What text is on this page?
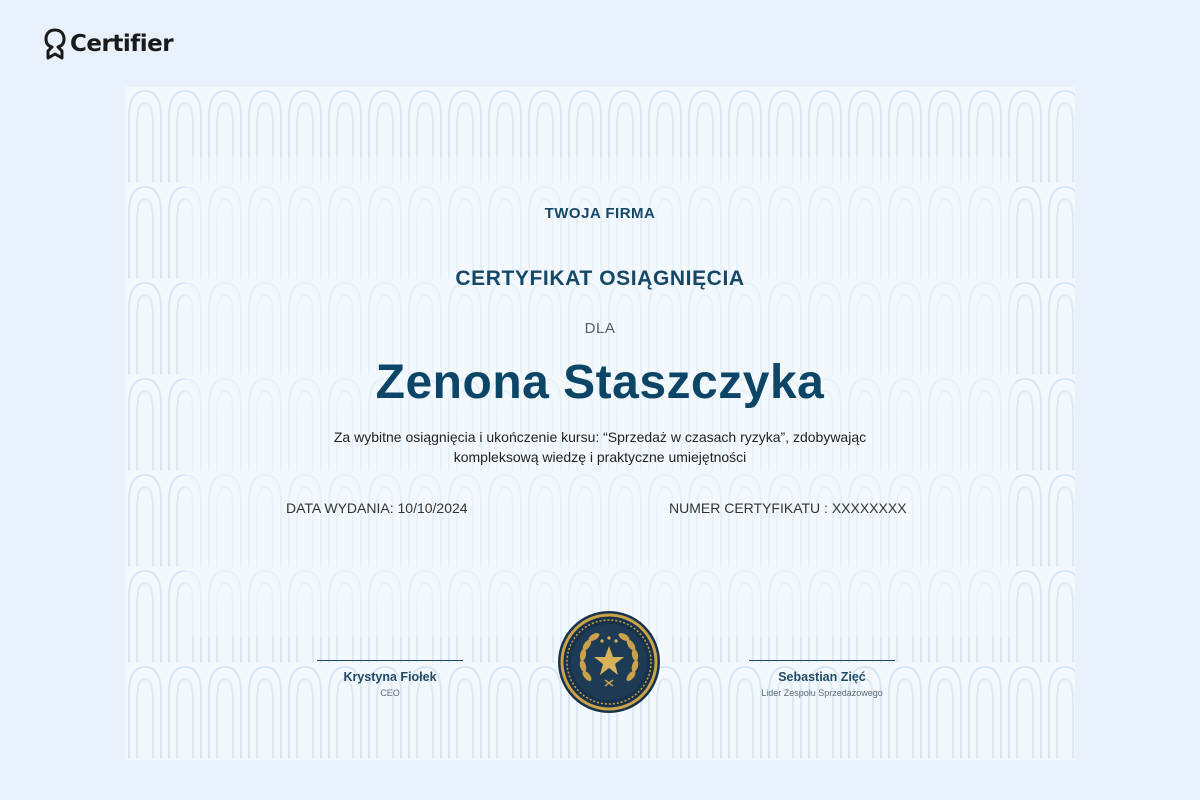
Certifier
TWOJA FIRMA
CERTYFIKAT OSIĄGNIĘCIA
DLA
Zenona Staszczyka
Za wybitne osiągnięcia i ukończenie kursu: “Sprzedaż w czasach ryzyka”, zdobywając kompleksową wiedzę i praktyczne umiejętności
DATA WYDANIA: 10/10/2024	NUMER CERTYFIKATU : XXXXXXXX
Krystyna Fiołek
CEO
Sebastian Zięć
Lider Zespołu Sprzedażowego
